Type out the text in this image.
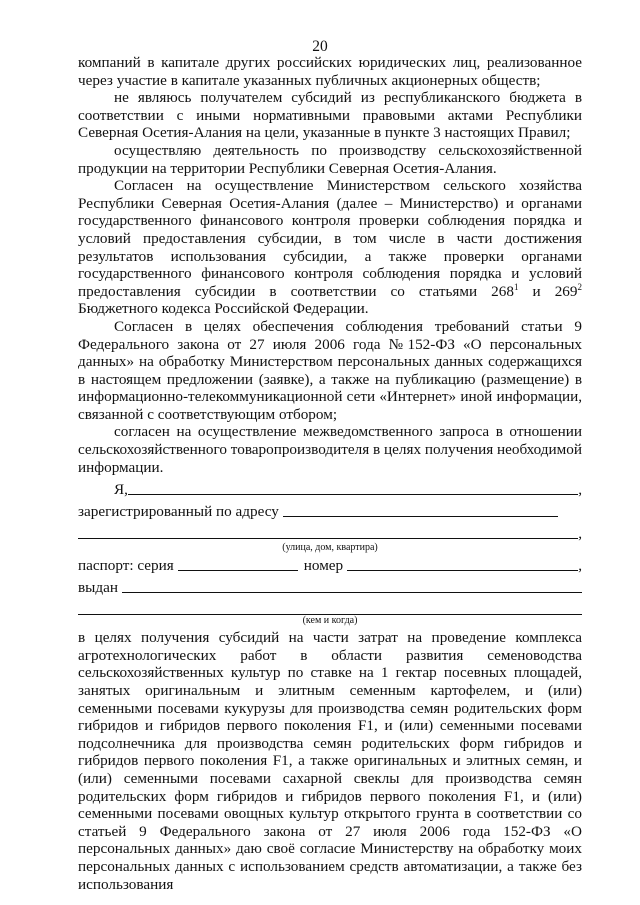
20

компаний в капитале других российских юридических лиц, реализованное через участие в капитале указанных публичных акционерных обществ;

не являюсь получателем субсидий из республиканского бюджета в соответствии с иными нормативными правовыми актами Республики Северная Осетия-Алания на цели, указанные в пункте 3 настоящих Правил;

осуществляю деятельность по производству сельскохозяйственной продукции на территории Республики Северная Осетия-Алания.

Согласен на осуществление Министерством сельского хозяйства Республики Северная Осетия-Алания (далее – Министерство) и органами государственного финансового контроля проверки соблюдения порядка и условий предоставления субсидии, в том числе в части достижения результатов использования субсидии, а также проверки органами государственного финансового контроля соблюдения порядка и условий предоставления субсидии в соответствии со статьями $268^1$ и $269^2$ Бюджетного кодекса Российской Федерации.

Согласен в целях обеспечения соблюдения требований статьи 9 Федерального закона от 27 июля 2006 года №152-ФЗ «О персональных данных» на обработку Министерством персональных данных содержащихся в настоящем предложении (заявке), а также на публикацию (размещение) в информационно-телекоммуникационной сети «Интернет» иной информации, связанной с соответствующим отбором;

согласен на осуществление межведомственного запроса в отношении сельскохозяйственного товаропроизводителя в целях получения необходимой информации.

Я,	,
зарегистрированный по адресу
,

(улица, дом, квартира)

паспорт: серия	номер	,
выдан

(кем и когда)

в целях получения субсидий на части затрат на проведение комплекса агротехнологических работ в области развития семеноводства сельскохозяйственных культур по ставке на 1 гектар посевных площадей, занятых оригинальным и элитным семенным картофелем, и (или) семенными посевами кукурузы для производства семян родительских форм гибридов и гибридов первого поколения F1, и (или) семенными посевами подсолнечника для производства семян родительских форм гибридов и гибридов первого поколения F1, а также оригинальных и элитных семян, и (или) семенными посевами сахарной свеклы для производства семян родительских форм гибридов и гибридов первого поколения F1, и (или) семенными посевами овощных культур открытого грунта в соответствии со статьей 9 Федерального закона от 27 июля 2006 года 152-ФЗ «О персональных данных» даю своё согласие Министерству на обработку моих персональных данных с использованием средств автоматизации, а также без использования
